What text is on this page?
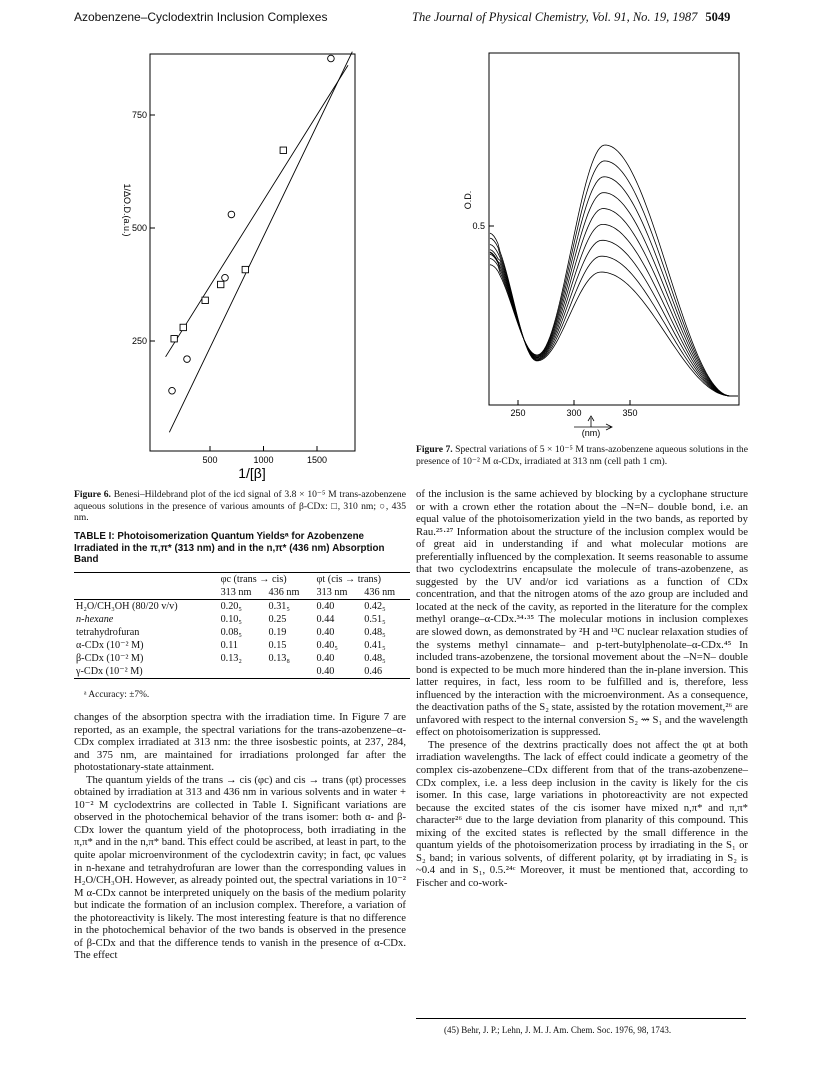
Azobenzene–Cyclodextrin Inclusion Complexes	The Journal of Physical Chemistry, Vol. 91, No. 19, 1987 5049
1/ΔO.D.(a.u.)
250
500
750
500	1000	1500
1/[β]
Figure 6. Benesi–Hildebrand plot of the icd signal of 3.8 × 10⁻⁵ M trans-azobenzene aqueous solutions in the presence of various amounts of β-CDx: □, 310 nm; ○, 435 nm.
O.D.
0.5
250	300	350
(nm)
Figure 7. Spectral variations of 5 × 10⁻⁵ M trans-azobenzene aqueous solutions in the presence of 10⁻² M α-CDx, irradiated at 313 nm (cell path 1 cm).
TABLE I: Photoisomerization Quantum Yieldsᵃ for Azobenzene Irradiated in the π,π* (313 nm) and in the n,π* (436 nm) Absorption Band
	φc (trans → cis)		φt (cis → trans)	
	313 nm	436 nm	313 nm	436 nm
H₂O/CH₃OH (80/20 v/v)	0.20₅	0.31₅	0.40	0.42₅
n-hexane	0.10₅	0.25	0.44	0.51₅
tetrahydrofuran	0.08₅	0.19	0.40	0.48₅
α-CDx (10⁻² M)	0.11	0.15	0.40₅	0.41₅
β-CDx (10⁻² M)	0.13₂	0.13₈	0.40	0.48₅
γ-CDx (10⁻² M)			0.40	0.46
ᵃ Accuracy: ±7%.

changes of the absorption spectra with the irradiation time. In Figure 7 are reported, as an example, the spectral variations for the trans-azobenzene–α-CDx complex irradiated at 313 nm: the three isosbestic points, at 237, 284, and 375 nm, are maintained for irradiations prolonged far after the photostationary-state attainment.

The quantum yields of the trans → cis (φc) and cis → trans (φt) processes obtained by irradiation at 313 and 436 nm in various solvents and in water + 10⁻² M cyclodextrins are collected in Table I. Significant variations are observed in the photochemical behavior of the trans isomer: both α- and β-CDx lower the quantum yield of the photoprocess, both irradiating in the π,π* and in the n,π* band. This effect could be ascribed, at least in part, to the quite apolar microenvironment of the cyclodextrin cavity; in fact, φc values in n-hexane and tetrahydrofuran are lower than the corresponding values in H₂O/CH₃OH. However, as already pointed out, the spectral variations in 10⁻² M α-CDx cannot be interpreted uniquely on the basis of the medium polarity but indicate the formation of an inclusion complex. Therefore, a variation of the photoreactivity is likely. The most interesting feature is that no difference in the photochemical behavior of the two bands is observed in the presence of β-CDx and that the difference tends to vanish in the presence of α-CDx. The effect

of the inclusion is the same achieved by blocking by a cyclophane structure or with a crown ether the rotation about the –N=N– double bond, i.e. an equal value of the photoisomerization yield in the two bands, as reported by Rau.²⁵·²⁷ Information about the structure of the inclusion complex would be of great aid in understanding if and what molecular motions are preferentially influenced by the complexation. It seems reasonable to assume that two cyclodextrins encapsulate the molecule of trans-azobenzene, as suggested by the UV and/or icd variations as a function of CDx concentration, and that the nitrogen atoms of the azo group are included and located at the neck of the cavity, as reported in the literature for the complex methyl orange–α-CDx.³⁴·³⁵ The molecular motions in inclusion complexes are slowed down, as demonstrated by ²H and ¹³C nuclear relaxation studies of the systems methyl cinnamate– and p-tert-butylphenolate–α-CDx.⁴⁵ In included trans-azobenzene, the torsional movement about the –N=N– double bond is expected to be much more hindered than the in-plane inversion. This latter requires, in fact, less room to be fulfilled and is, therefore, less influenced by the interaction with the microenvironment. As a consequence, the deactivation paths of the S₂ state, assisted by the rotation movement,²⁶ are unfavored with respect to the internal conversion S₂ ⇝ S₁ and the wavelength effect on photoisomerization is suppressed.

The presence of the dextrins practically does not affect the φt at both irradiation wavelengths. The lack of effect could indicate a geometry of the complex cis-azobenzene–CDx different from that of the trans-azobenzene–CDx complex, i.e. a less deep inclusion in the cavity is likely for the cis isomer. In this case, large variations in photoreactivity are not expected because the excited states of the cis isomer have mixed n,π* and π,π* character²⁶ due to the large deviation from planarity of this compound. This mixing of the excited states is reflected by the small difference in the quantum yields of the photoisomerization process by irradiating in the S₁ or S₂ band; in various solvents, of different polarity, φt by irradiating in S₂ is ~0.4 and in S₁, 0.5.²⁴ᶜ Moreover, it must be mentioned that, according to Fischer and co-work-

(45) Behr, J. P.; Lehn, J. M. J. Am. Chem. Soc. 1976, 98, 1743.
